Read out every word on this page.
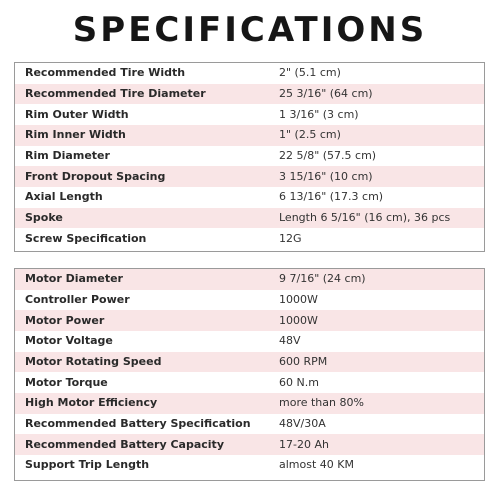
SPECIFICATIONS
Recommended Tire Width	2" (5.1 cm)
Recommended Tire Diameter	25 3/16" (64 cm)
Rim Outer Width	1 3/16" (3 cm)
Rim Inner Width	1" (2.5 cm)
Rim Diameter	22 5/8" (57.5 cm)
Front Dropout Spacing	3 15/16" (10 cm)
Axial Length	6 13/16" (17.3 cm)
Spoke	Length 6 5/16" (16 cm), 36 pcs
Screw Specification	12G
Motor Diameter	9 7/16" (24 cm)
Controller Power	1000W
Motor Power	1000W
Motor Voltage	48V
Motor Rotating Speed	600 RPM
Motor Torque	60 N.m
High Motor Efficiency	more than 80%
Recommended Battery Specification	48V/30A
Recommended Battery Capacity	17-20 Ah
Support Trip Length	almost 40 KM
